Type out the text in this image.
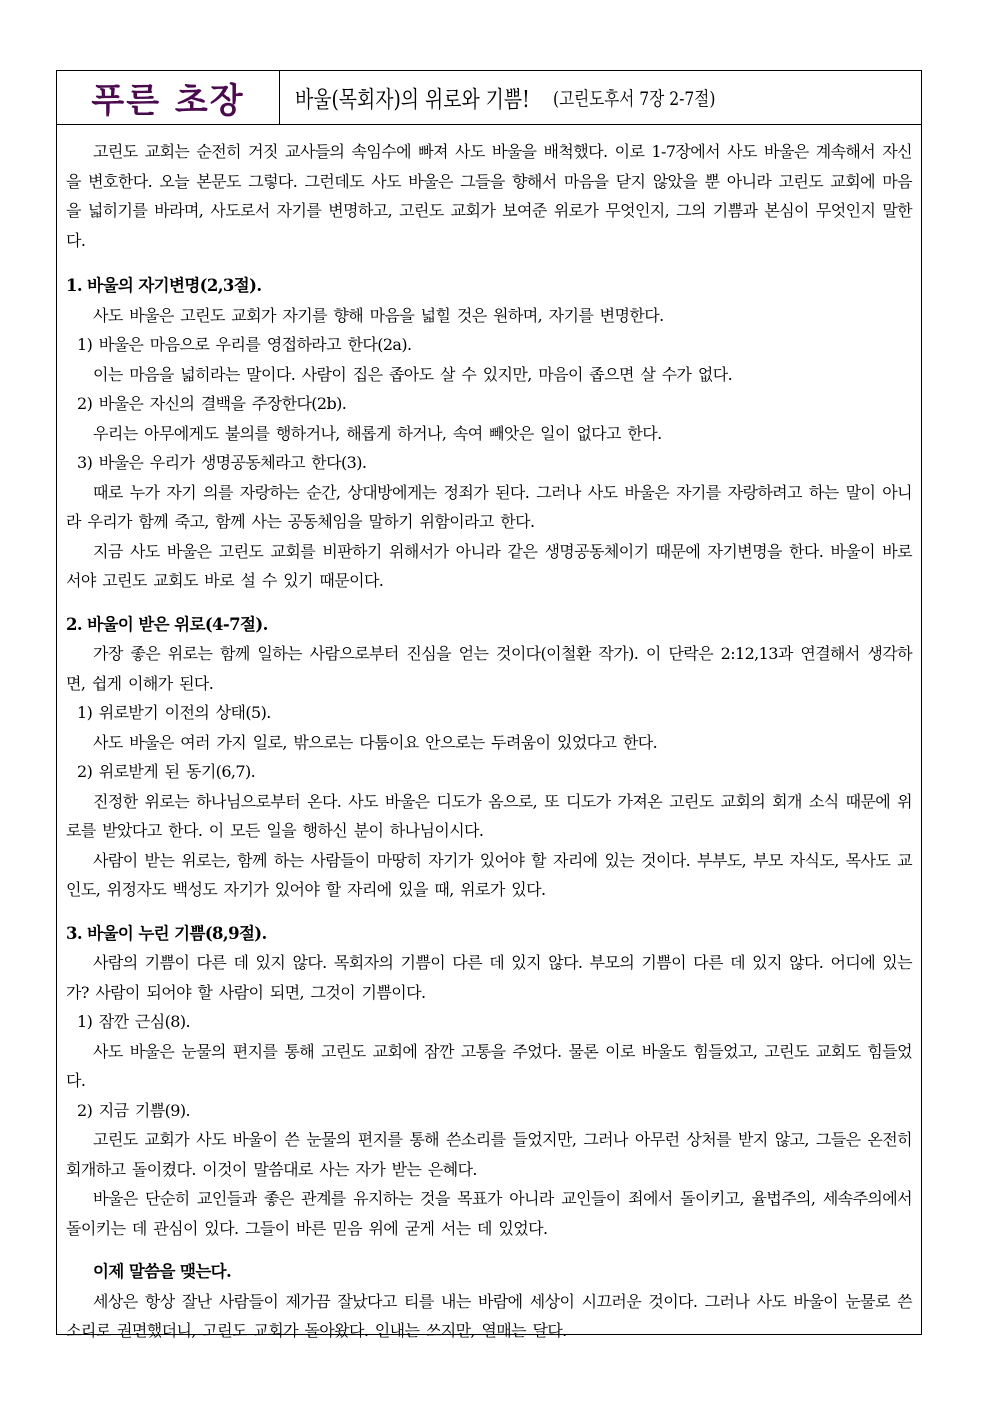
푸른 초장 바울(목회자)의 위로와 기쁨! (고린도후서 7장 2-7절)

고린도 교회는 순전히 거짓 교사들의 속임수에 빠져 사도 바울을 배척했다. 이로 1-7장에서 사도 바울은 계속해서 자신을 변호한다. 오늘 본문도 그렇다. 그런데도 사도 바울은 그들을 향해서 마음을 닫지 않았을 뿐 아니라 고린도 교회에 마음을 넓히기를 바라며, 사도로서 자기를 변명하고, 고린도 교회가 보여준 위로가 무엇인지, 그의 기쁨과 본심이 무엇인지 말한다.

1. 바울의 자기변명(2,3절).

사도 바울은 고린도 교회가 자기를 향해 마음을 넓힐 것은 원하며, 자기를 변명한다.

1) 바울은 마음으로 우리를 영접하라고 한다(2a).

이는 마음을 넓히라는 말이다. 사람이 집은 좁아도 살 수 있지만, 마음이 좁으면 살 수가 없다.

2) 바울은 자신의 결백을 주장한다(2b).

우리는 아무에게도 불의를 행하거나, 해롭게 하거나, 속여 빼앗은 일이 없다고 한다.

3) 바울은 우리가 생명공동체라고 한다(3).

때로 누가 자기 의를 자랑하는 순간, 상대방에게는 정죄가 된다. 그러나 사도 바울은 자기를 자랑하려고 하는 말이 아니라 우리가 함께 죽고, 함께 사는 공동체임을 말하기 위함이라고 한다.

지금 사도 바울은 고린도 교회를 비판하기 위해서가 아니라 같은 생명공동체이기 때문에 자기변명을 한다. 바울이 바로 서야 고린도 교회도 바로 설 수 있기 때문이다.

2. 바울이 받은 위로(4-7절).

가장 좋은 위로는 함께 일하는 사람으로부터 진심을 얻는 것이다(이철환 작가). 이 단락은 2:12,13과 연결해서 생각하면, 쉽게 이해가 된다.

1) 위로받기 이전의 상태(5).

사도 바울은 여러 가지 일로, 밖으로는 다툼이요 안으로는 두려움이 있었다고 한다.

2) 위로받게 된 동기(6,7).

진정한 위로는 하나님으로부터 온다. 사도 바울은 디도가 옴으로, 또 디도가 가져온 고린도 교회의 회개 소식 때문에 위로를 받았다고 한다. 이 모든 일을 행하신 분이 하나님이시다.

사람이 받는 위로는, 함께 하는 사람들이 마땅히 자기가 있어야 할 자리에 있는 것이다. 부부도, 부모 자식도, 목사도 교인도, 위정자도 백성도 자기가 있어야 할 자리에 있을 때, 위로가 있다.

3. 바울이 누린 기쁨(8,9절).

사람의 기쁨이 다른 데 있지 않다. 목회자의 기쁨이 다른 데 있지 않다. 부모의 기쁨이 다른 데 있지 않다. 어디에 있는가? 사람이 되어야 할 사람이 되면, 그것이 기쁨이다.

1) 잠깐 근심(8).

사도 바울은 눈물의 편지를 통해 고린도 교회에 잠깐 고통을 주었다. 물론 이로 바울도 힘들었고, 고린도 교회도 힘들었다.

2) 지금 기쁨(9).

고린도 교회가 사도 바울이 쓴 눈물의 편지를 통해 쓴소리를 들었지만, 그러나 아무런 상처를 받지 않고, 그들은 온전히 회개하고 돌이켰다. 이것이 말씀대로 사는 자가 받는 은혜다.

바울은 단순히 교인들과 좋은 관계를 유지하는 것을 목표가 아니라 교인들이 죄에서 돌이키고, 율법주의, 세속주의에서 돌이키는 데 관심이 있다. 그들이 바른 믿음 위에 굳게 서는 데 있었다.

이제 말씀을 맺는다.

세상은 항상 잘난 사람들이 제가끔 잘났다고 티를 내는 바람에 세상이 시끄러운 것이다. 그러나 사도 바울이 눈물로 쓴소리로 권면했더니, 고린도 교회가 돌아왔다. 인내는 쓰지만, 열매는 달다.
